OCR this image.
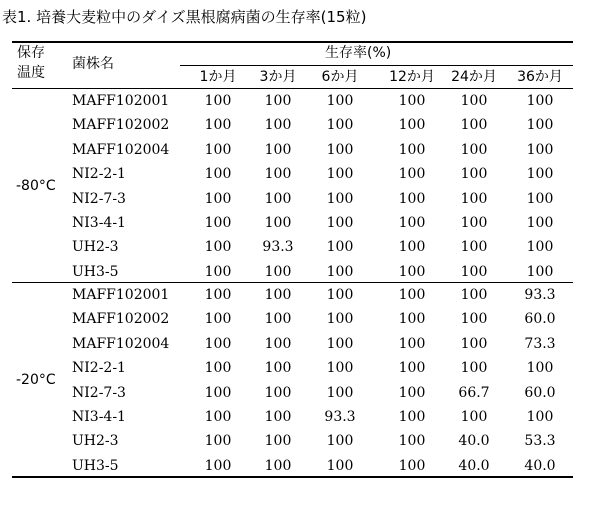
表1. 培養大麦粒中のダイズ黒根腐病菌の生存率(15粒)
保存
温度
菌株名
生存率(%)
1か月	3か月	6か月	12か月	24か月	36か月
MAFF102001	100	100	100	100	100	100
MAFF102002	100	100	100	100	100	100
MAFF102004	100	100	100	100	100	100
NI2-2-1	100	100	100	100	100	100
NI2-7-3	100	100	100	100	100	100
NI3-4-1	100	100	100	100	100	100
UH2-3	100	93.3	100	100	100	100
UH3-5	100	100	100	100	100	100
-80°C
MAFF102001	100	100	100	100	100	93.3
MAFF102002	100	100	100	100	100	60.0
MAFF102004	100	100	100	100	100	73.3
NI2-2-1	100	100	100	100	100	100
NI2-7-3	100	100	100	100	66.7	60.0
NI3-4-1	100	100	93.3	100	100	100
UH2-3	100	100	100	100	40.0	53.3
UH3-5	100	100	100	100	40.0	40.0
-20°C
